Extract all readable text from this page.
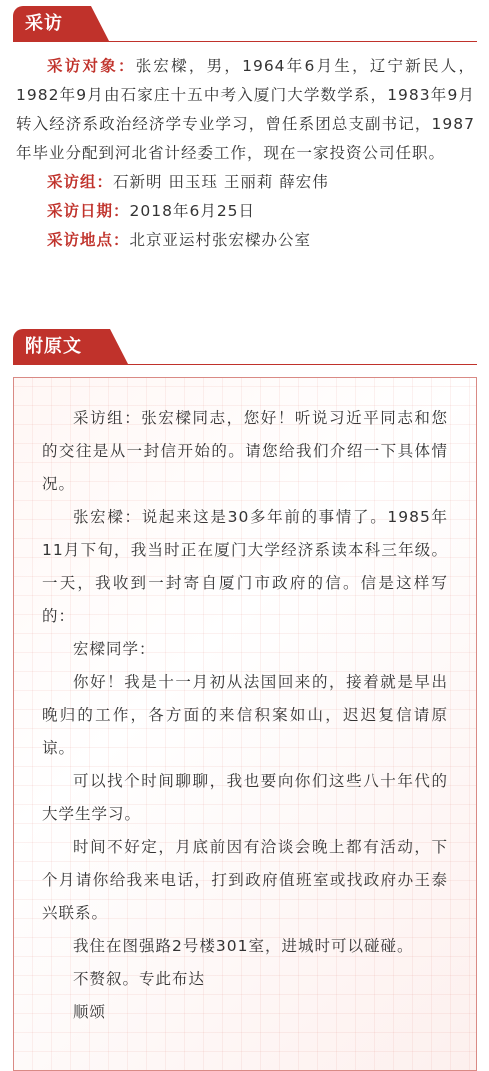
采访

采访对象：张宏樑，男，1964年6月生，辽宁新民人，1982年9月由石家庄十五中考入厦门大学数学系，1983年9月转入经济系政治经济学专业学习，曾任系团总支副书记，1987年毕业分配到河北省计经委工作，现在一家投资公司任职。

采访组：石新明 田玉珏 王丽莉 薛宏伟

采访日期：2018年6月25日

采访地点：北京亚运村张宏樑办公室

附原文

采访组：张宏樑同志，您好！听说习近平同志和您的交往是从一封信开始的。请您给我们介绍一下具体情况。

张宏樑：说起来这是30多年前的事情了。1985年11月下旬，我当时正在厦门大学经济系读本科三年级。一天，我收到一封寄自厦门市政府的信。信是这样写的：

宏樑同学：

你好！我是十一月初从法国回来的，接着就是早出晚归的工作，各方面的来信积案如山，迟迟复信请原谅。

可以找个时间聊聊，我也要向你们这些八十年代的大学生学习。

时间不好定，月底前因有洽谈会晚上都有活动，下个月请你给我来电话，打到政府值班室或找政府办王泰兴联系。

我住在图强路2号楼301室，进城时可以碰碰。

不赘叙。专此布达

顺颂
